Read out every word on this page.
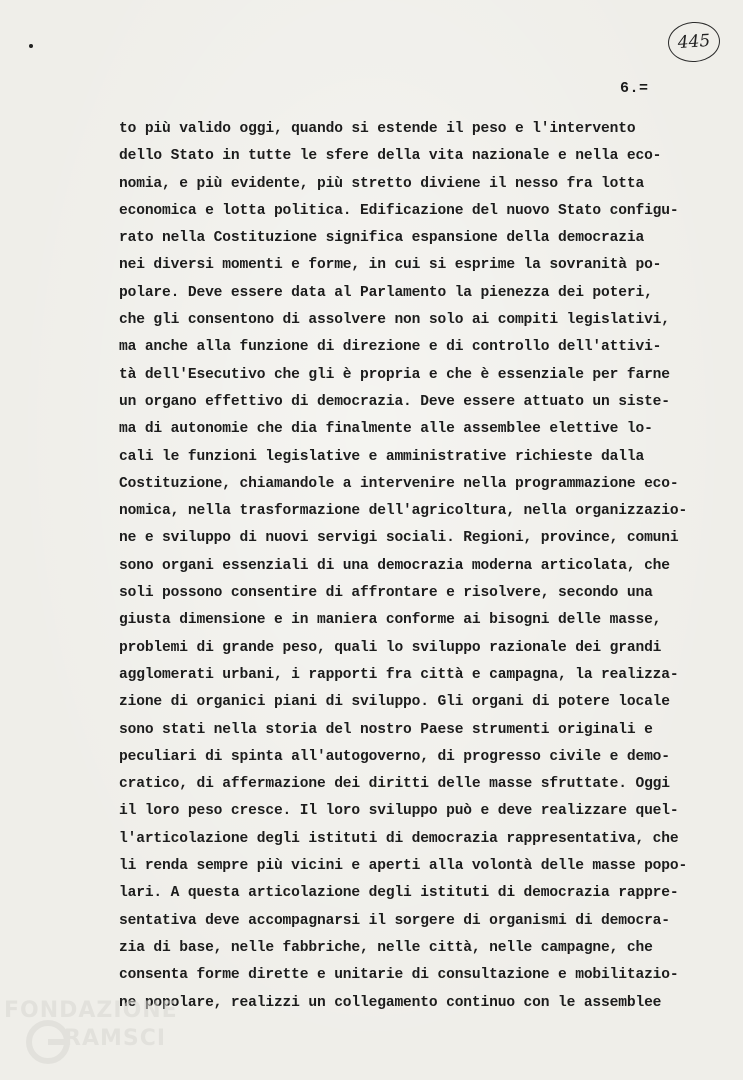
445
6.=
to più valido oggi, quando si estende il peso e l'intervento
dello Stato in tutte le sfere della vita nazionale e nella eco-
nomia, e più evidente, più stretto diviene il nesso fra lotta
economica e lotta politica. Edificazione del nuovo Stato configu-
rato nella Costituzione significa espansione della democrazia
nei diversi momenti e forme, in cui si esprime la sovranità po-
polare. Deve essere data al Parlamento la pienezza dei poteri,
che gli consentono di assolvere non solo ai compiti legislativi,
ma anche alla funzione di direzione e di controllo dell'attivi-
tà dell'Esecutivo che gli è propria e che è essenziale per farne
un organo effettivo di democrazia. Deve essere attuato un siste-
ma di autonomie che dia finalmente alle assemblee elettive lo-
cali le funzioni legislative e amministrative richieste dalla
Costituzione, chiamandole a intervenire nella programmazione eco-
nomica, nella trasformazione dell'agricoltura, nella organizzazio-
ne e sviluppo di nuovi servigi sociali. Regioni, province, comuni
sono organi essenziali di una democrazia moderna articolata, che
soli possono consentire di affrontare e risolvere, secondo una
giusta dimensione e in maniera conforme ai bisogni delle masse,
problemi di grande peso, quali lo sviluppo razionale dei grandi
agglomerati urbani, i rapporti fra città e campagna, la realizza-
zione di organici piani di sviluppo. Gli organi di potere locale
sono stati nella storia del nostro Paese strumenti originali e
peculiari di spinta all'autogoverno, di progresso civile e demo-
cratico, di affermazione dei diritti delle masse sfruttate. Oggi
il loro peso cresce. Il loro sviluppo può e deve realizzare quel-
l'articolazione degli istituti di democrazia rappresentativa, che
li renda sempre più vicini e aperti alla volontà delle masse popo-
lari. A questa articolazione degli istituti di democrazia rappre-
sentativa deve accompagnarsi il sorgere di organismi di democra-
zia di base, nelle fabbriche, nelle città, nelle campagne, che
consenta forme dirette e unitarie di consultazione e mobilitazio-
ne popolare, realizzi un collegamento continuo con le assemblee
FONDAZIONE
RAMSCI
